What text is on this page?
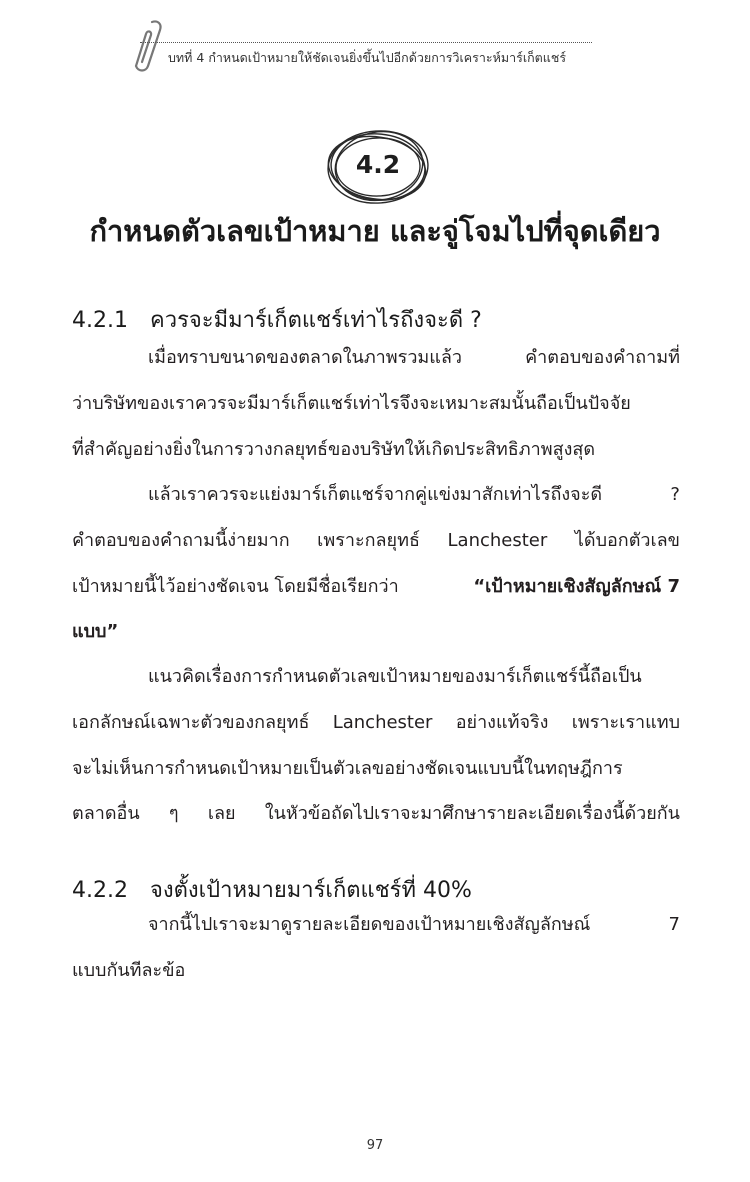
บทที่ 4 กำหนดเป้าหมายให้ชัดเจนยิ่งขึ้นไปอีกด้วยการวิเคราะห์มาร์เก็ตแชร์
4.2
กำหนดตัวเลขเป้าหมาย และจู่โจมไปที่จุดเดียว
4.2.1 ควรจะมีมาร์เก็ตแชร์เท่าไรถึงจะดี ?
เมื่อทราบขนาดของตลาดในภาพรวมแล้ว คำตอบของคำถามที่
ว่าบริษัทของเราควรจะมีมาร์เก็ตแชร์เท่าไรจึงจะเหมาะสมนั้นถือเป็นปัจจัย
ที่สำคัญอย่างยิ่งในการวางกลยุทธ์ของบริษัทให้เกิดประสิทธิภาพสูงสุด
แล้วเราควรจะแย่งมาร์เก็ตแชร์จากคู่แข่งมาสักเท่าไรถึงจะดี ?
คำตอบของคำถามนี้ง่ายมาก เพราะกลยุทธ์ Lanchester ได้บอกตัวเลข
เป้าหมายนี้ไว้อย่างชัดเจน โดยมีชื่อเรียกว่า	“เป้าหมายเชิงสัญลักษณ์ 7
แบบ”
แนวคิดเรื่องการกำหนดตัวเลขเป้าหมายของมาร์เก็ตแชร์นี้ถือเป็น
เอกลักษณ์เฉพาะตัวของกลยุทธ์ Lanchester อย่างแท้จริง เพราะเราแทบ
จะไม่เห็นการกำหนดเป้าหมายเป็นตัวเลขอย่างชัดเจนแบบนี้ในทฤษฎีการ
ตลาดอื่น ๆ เลย ในหัวข้อถัดไปเราจะมาศึกษารายละเอียดเรื่องนี้ด้วยกัน
4.2.2 จงตั้งเป้าหมายมาร์เก็ตแชร์ที่ 40%
จากนี้ไปเราจะมาดูรายละเอียดของเป้าหมายเชิงสัญลักษณ์ 7
แบบกันทีละข้อ
97
